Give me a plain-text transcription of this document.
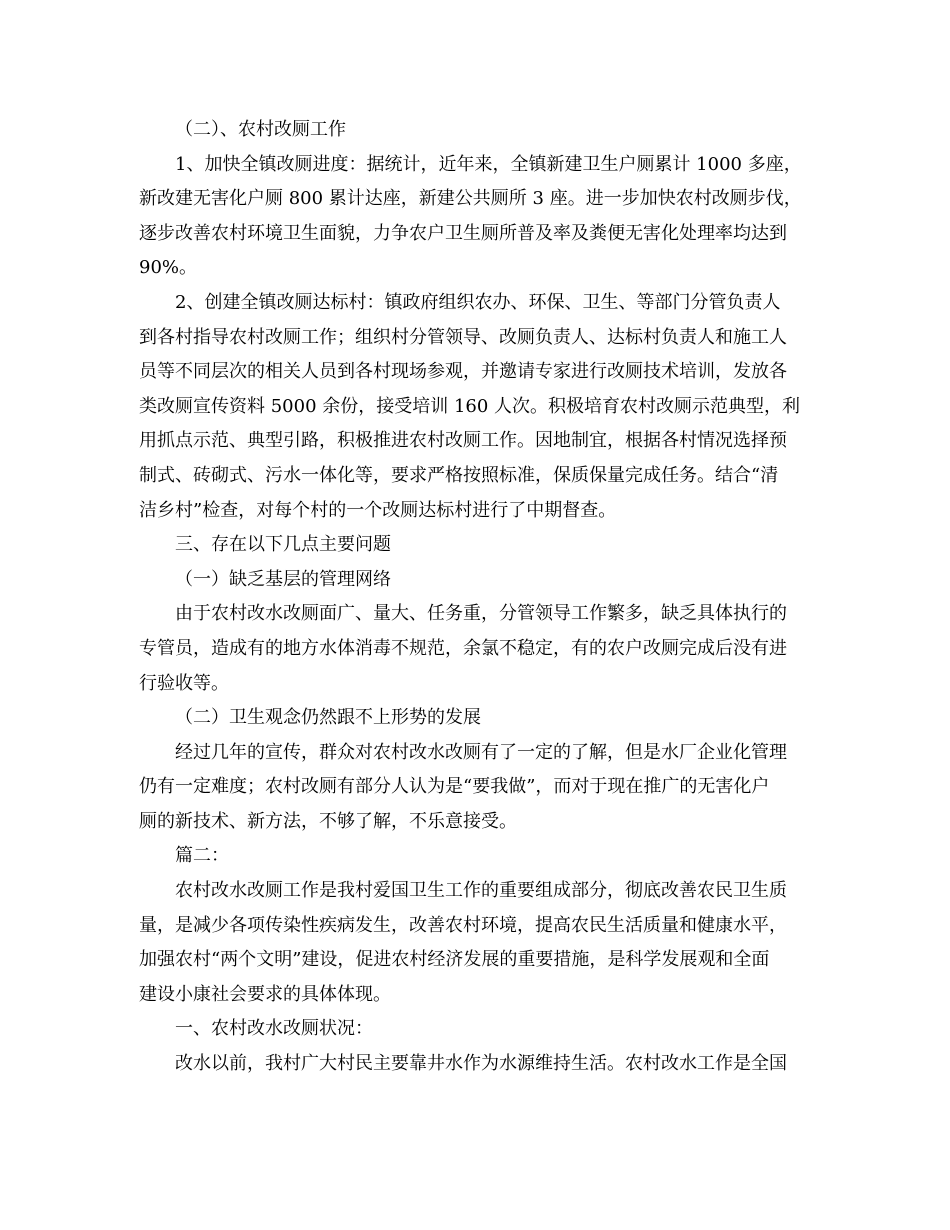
（二）、农村改厕工作
1、加快全镇改厕进度：据统计，近年来，全镇新建卫生户厕累计 1000 多座，
新改建无害化户厕 800 累计达座，新建公共厕所 3 座。进一步加快农村改厕步伐，
逐步改善农村环境卫生面貌，力争农户卫生厕所普及率及粪便无害化处理率均达到
90%。
2、创建全镇改厕达标村：镇政府组织农办、环保、卫生、等部门分管负责人
到各村指导农村改厕工作；组织村分管领导、改厕负责人、达标村负责人和施工人
员等不同层次的相关人员到各村现场参观，并邀请专家进行改厕技术培训，发放各
类改厕宣传资料 5000 余份，接受培训 160 人次。积极培育农村改厕示范典型，利
用抓点示范、典型引路，积极推进农村改厕工作。因地制宜，根据各村情况选择预
制式、砖砌式、污水一体化等，要求严格按照标准，保质保量完成任务。结合“清
洁乡村”检查，对每个村的一个改厕达标村进行了中期督查。
三、存在以下几点主要问题
（一）缺乏基层的管理网络
由于农村改水改厕面广、量大、任务重，分管领导工作繁多，缺乏具体执行的
专管员，造成有的地方水体消毒不规范，余氯不稳定，有的农户改厕完成后没有进
行验收等。
（二）卫生观念仍然跟不上形势的发展
经过几年的宣传，群众对农村改水改厕有了一定的了解，但是水厂企业化管理
仍有一定难度；农村改厕有部分人认为是“要我做”，而对于现在推广的无害化户
厕的新技术、新方法，不够了解，不乐意接受。
篇二：
农村改水改厕工作是我村爱国卫生工作的重要组成部分，彻底改善农民卫生质
量，是减少各项传染性疾病发生，改善农村环境，提高农民生活质量和健康水平，
加强农村“两个文明”建设，促进农村经济发展的重要措施，是科学发展观和全面
建设小康社会要求的具体体现。
一、农村改水改厕状况：
改水以前，我村广大村民主要靠井水作为水源维持生活。农村改水工作是全国
